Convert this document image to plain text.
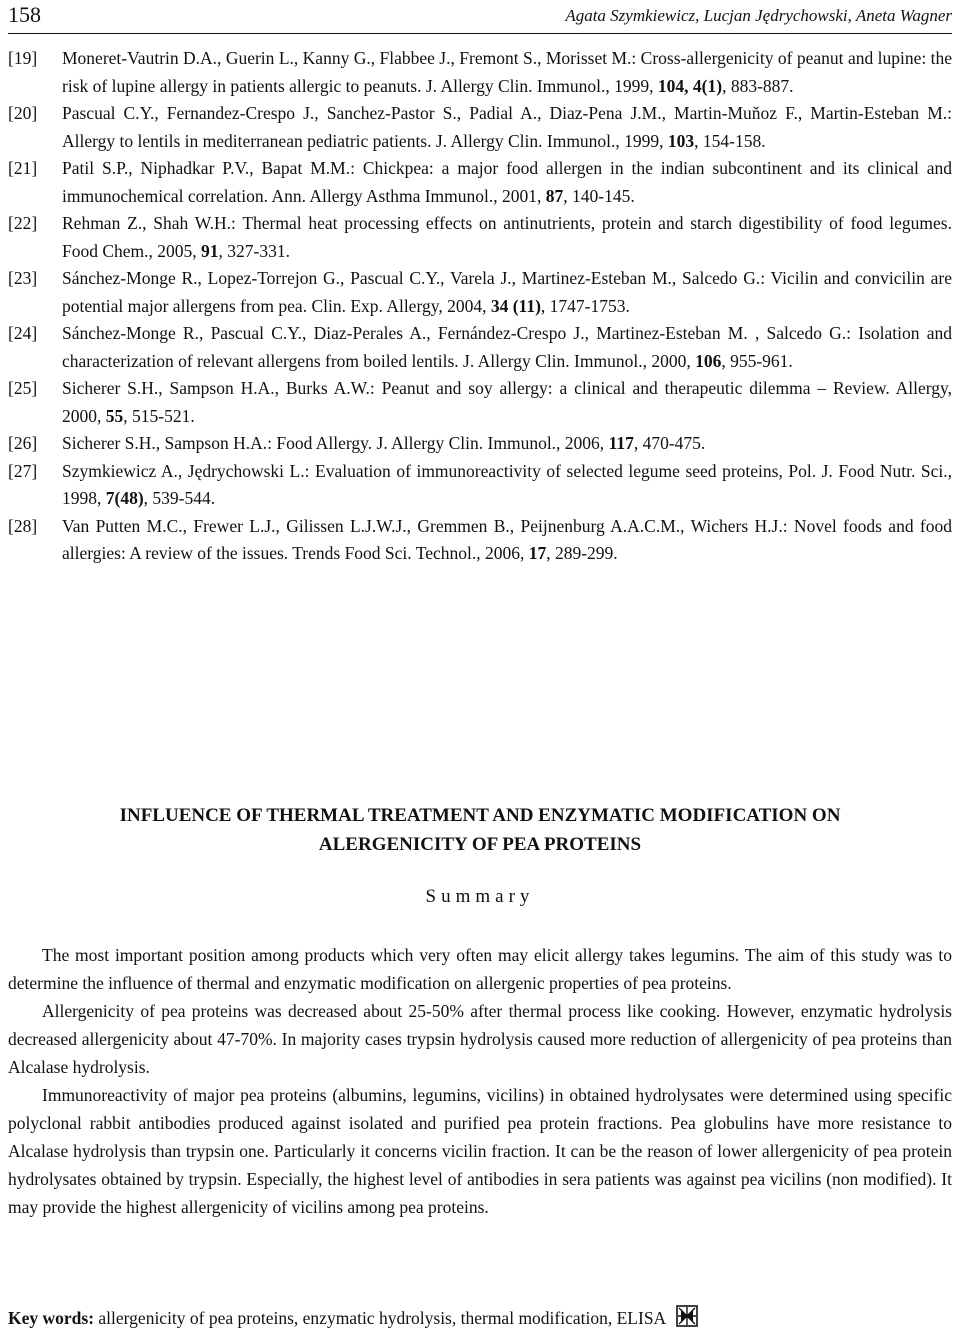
158	Agata Szymkiewicz, Lucjan Jędrychowski, Aneta Wagner
[19] Moneret-Vautrin D.A., Guerin L., Kanny G., Flabbee J., Fremont S., Morisset M.: Cross-allergenicity of peanut and lupine: the risk of lupine allergy in patients allergic to peanuts. J. Allergy Clin. Immunol., 1999, 104, 4(1), 883-887.
[20] Pascual C.Y., Fernandez-Crespo J., Sanchez-Pastor S., Padial A., Diaz-Pena J.M., Martin-Muňoz F., Martin-Esteban M.: Allergy to lentils in mediterranean pediatric patients. J. Allergy Clin. Immunol., 1999, 103, 154-158.
[21] Patil S.P., Niphadkar P.V., Bapat M.M.: Chickpea: a major food allergen in the indian subcontinent and its clinical and immunochemical correlation. Ann. Allergy Asthma Immunol., 2001, 87, 140-145.
[22] Rehman Z., Shah W.H.: Thermal heat processing effects on antinutrients, protein and starch digestibility of food legumes. Food Chem., 2005, 91, 327-331.
[23] Sánchez-Monge R., Lopez-Torrejon G., Pascual C.Y., Varela J., Martinez-Esteban M., Salcedo G.: Vicilin and convicilin are potential major allergens from pea. Clin. Exp. Allergy, 2004, 34 (11), 1747-1753.
[24] Sánchez-Monge R., Pascual C.Y., Diaz-Perales A., Fernández-Crespo J., Martinez-Esteban M. , Salcedo G.: Isolation and characterization of relevant allergens from boiled lentils. J. Allergy Clin. Immunol., 2000, 106, 955-961.
[25] Sicherer S.H., Sampson H.A., Burks A.W.: Peanut and soy allergy: a clinical and therapeutic dilemma – Review. Allergy, 2000, 55, 515-521.
[26] Sicherer S.H., Sampson H.A.: Food Allergy. J. Allergy Clin. Immunol., 2006, 117, 470-475.
[27] Szymkiewicz A., Jędrychowski L.: Evaluation of immunoreactivity of selected legume seed proteins, Pol. J. Food Nutr. Sci., 1998, 7(48), 539-544.
[28] Van Putten M.C., Frewer L.J., Gilissen L.J.W.J., Gremmen B., Peijnenburg A.A.C.M., Wichers H.J.: Novel foods and food allergies: A review of the issues. Trends Food Sci. Technol., 2006, 17, 289-299.
INFLUENCE OF THERMAL TREATMENT AND ENZYMATIC MODIFICATION ON
ALERGENICITY OF PEA PROTEINS
Summary

The most important position among products which very often may elicit allergy takes legumins. The aim of this study was to determine the influence of thermal and enzymatic modification on allergenic properties of pea proteins.

Allergenicity of pea proteins was decreased about 25-50% after thermal process like cooking. However, enzymatic hydrolysis decreased allergenicity about 47-70%. In majority cases trypsin hydrolysis caused more reduction of allergenicity of pea proteins than Alcalase hydrolysis.

Immunoreactivity of major pea proteins (albumins, legumins, vicilins) in obtained hydrolysates were determined using specific polyclonal rabbit antibodies produced against isolated and purified pea protein fractions. Pea globulins have more resistance to Alcalase hydrolysis than trypsin one. Particularly it concerns vicilin fraction. It can be the reason of lower allergenicity of pea protein hydrolysates obtained by trypsin. Especially, the highest level of antibodies in sera patients was against pea vicilins (non modified). It may provide the highest allergenicity of vicilins among pea proteins.

Key words: allergenicity of pea proteins, enzymatic hydrolysis, thermal modification, ELISA
